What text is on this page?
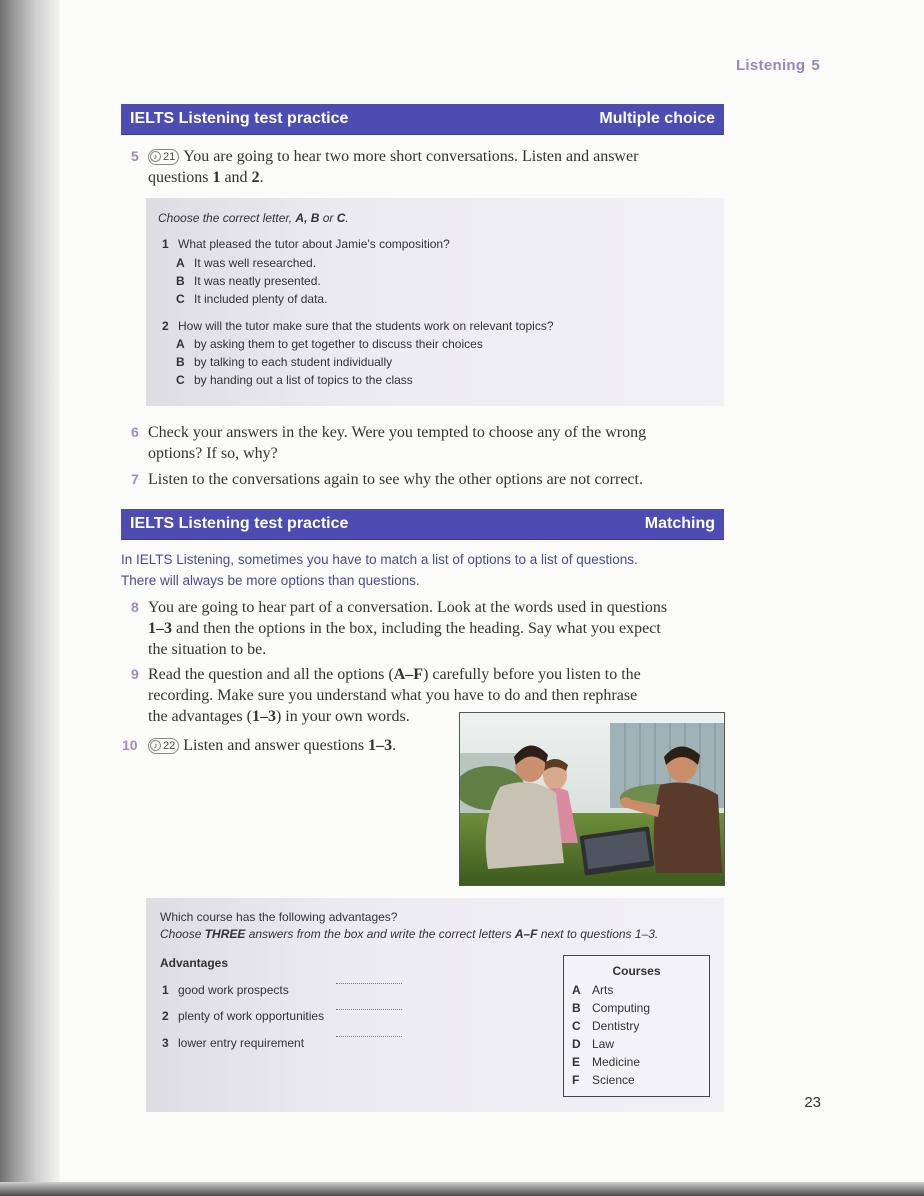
Listening 5
IELTS Listening test practice	Multiple choice
5	♪ 21 You are going to hear two more short conversations. Listen and answer
questions 1 and 2.
Choose the correct letter, A, B or C.
1 What pleased the tutor about Jamie's composition?
A It was well researched.
B It was neatly presented.
C It included plenty of data.
2 How will the tutor make sure that the students work on relevant topics?
A by asking them to get together to discuss their choices
B by talking to each student individually
C by handing out a list of topics to the class
6 Check your answers in the key. Were you tempted to choose any of the wrong
options? If so, why?
7 Listen to the conversations again to see why the other options are not correct.
IELTS Listening test practice	Matching
In IELTS Listening, sometimes you have to match a list of options to a list of questions.
There will always be more options than questions.
8 You are going to hear part of a conversation. Look at the words used in questions
1–3 and then the options in the box, including the heading. Say what you expect
the situation to be.
9 Read the question and all the options (A–F) carefully before you listen to the
recording. Make sure you understand what you have to do and then rephrase
the advantages (1–3) in your own words.
10	♪ 22 Listen and answer questions 1–3.
Which course has the following advantages?
Choose THREE answers from the box and write the correct letters A–F next to questions 1–3.
Advantages
1 good work prospects
2 plenty of work opportunities
3 lower entry requirement
Courses
A Arts
B Computing
C Dentistry
D Law
E Medicine
F Science
23
